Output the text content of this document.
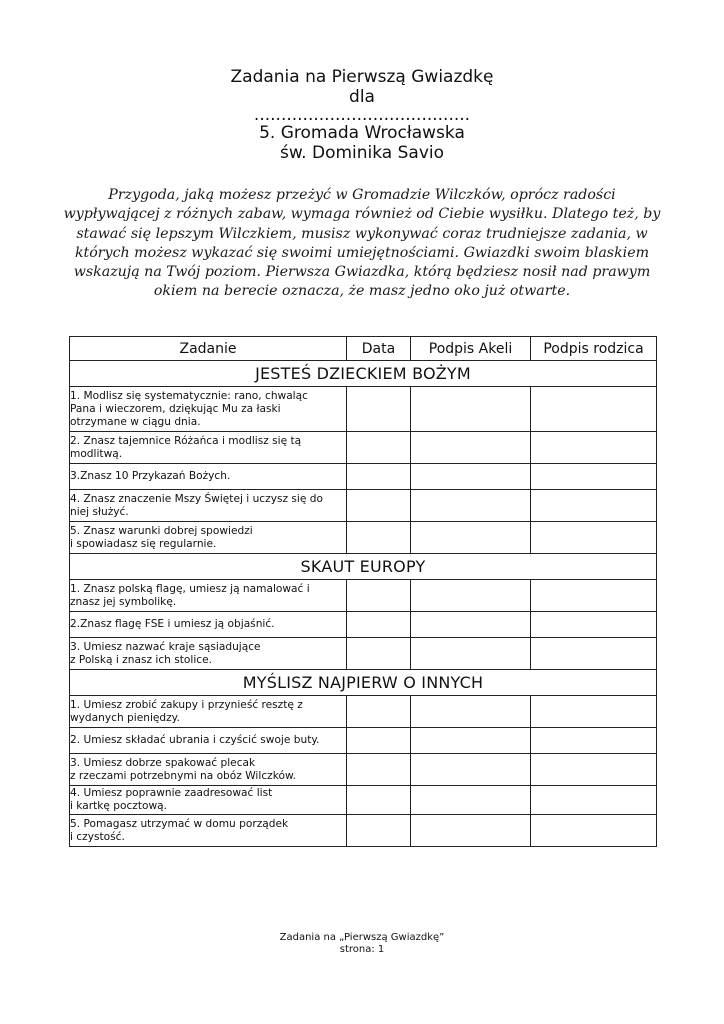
Zadania na Pierwszą Gwiazdkę
dla
........................................
5. Gromada Wrocławska
św. Dominika Savio
Przygoda, jaką możesz przeżyć w Gromadzie Wilczków, oprócz radości wypływającej z różnych zabaw, wymaga również od Ciebie wysiłku. Dlatego też, by stawać się lepszym Wilczkiem, musisz wykonywać coraz trudniejsze zadania, w których możesz wykazać się swoimi umiejętnościami. Gwiazdki swoim blaskiem wskazują na Twój poziom. Pierwsza Gwiazdka, którą będziesz nosił nad prawym okiem na berecie oznacza, że masz jedno oko już otwarte.
Zadanie	Data	Podpis Akeli	Podpis rodzica
JESTEŚ DZIECKIEM BOŻYM			
1. Modlisz się systematycznie: rano, chwaląc
Pana i wieczorem, dziękując Mu za łaski
otrzymane w ciągu dnia.			
2. Znasz tajemnice Różańca i modlisz się tą
modlitwą.			
3.Znasz 10 Przykazań Bożych.			
4. Znasz znaczenie Mszy Świętej i uczysz się do
niej służyć.			
5. Znasz warunki dobrej spowiedzi
i spowiadasz się regularnie.			
SKAUT EUROPY			
1. Znasz polską flagę, umiesz ją namalować i
znasz jej symbolikę.			
2.Znasz flagę FSE i umiesz ją objaśnić.			
3. Umiesz nazwać kraje sąsiadujące
z Polską i znasz ich stolice.			
MYŚLISZ NAJPIERW O INNYCH			
1. Umiesz zrobić zakupy i przynieść resztę z
wydanych pieniędzy.			
2. Umiesz składać ubrania i czyścić swoje buty.			
3. Umiesz dobrze spakować plecak
z rzeczami potrzebnymi na obóz Wilczków.			
4. Umiesz poprawnie zaadresować list
i kartkę pocztową.			
5. Pomagasz utrzymać w domu porządek
i czystość.			
Zadania na „Pierwszą Gwiazdkę”
strona: 1
